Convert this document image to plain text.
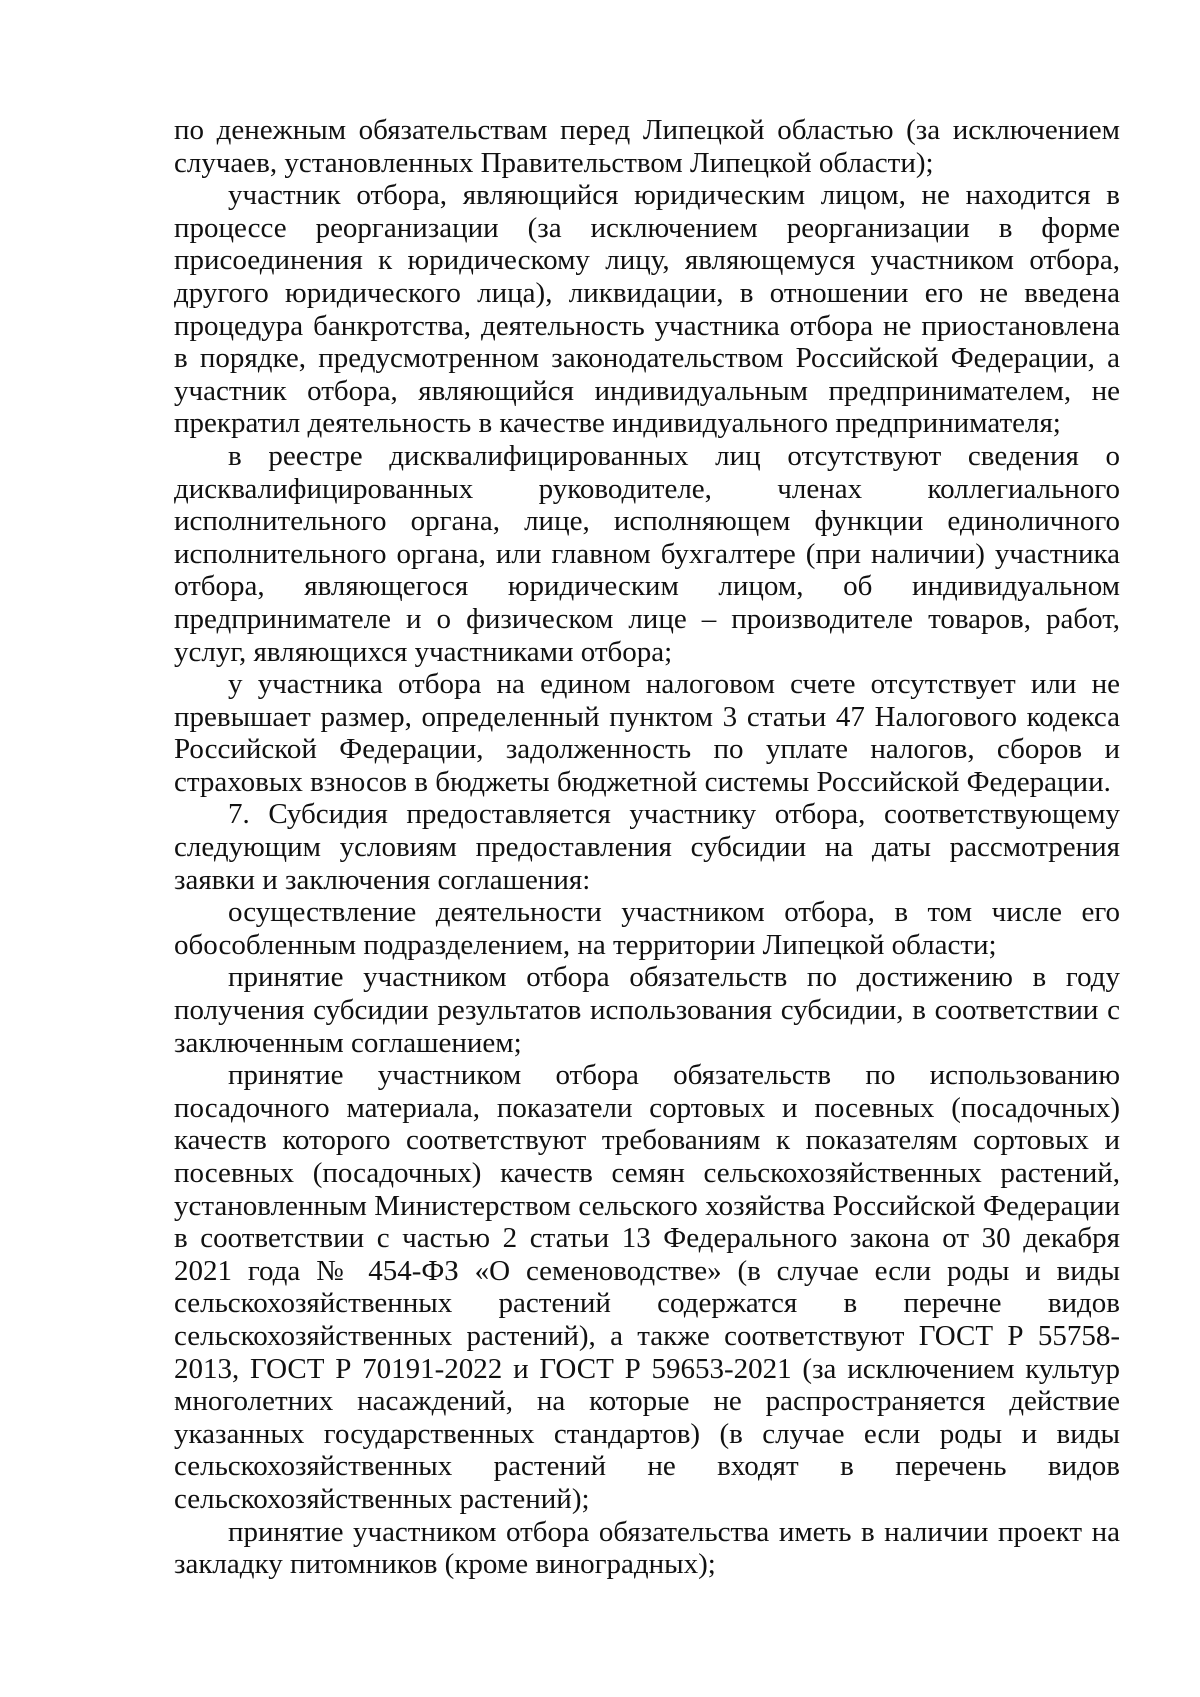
по денежным обязательствам перед Липецкой областью (за исключением случаев, установленных Правительством Липецкой области);

участник отбора, являющийся юридическим лицом, не находится в процессе реорганизации (за исключением реорганизации в форме присоединения к юридическому лицу, являющемуся участником отбора, другого юридического лица), ликвидации, в отношении его не введена процедура банкротства, деятельность участника отбора не приостановлена в порядке, предусмотренном законодательством Российской Федерации, а участник отбора, являющийся индивидуальным предпринимателем, не прекратил деятельность в качестве индивидуального предпринимателя;

в реестре дисквалифицированных лиц отсутствуют сведения о дисквалифицированных руководителе, членах коллегиального исполнительного органа, лице, исполняющем функции единоличного исполнительного органа, или главном бухгалтере (при наличии) участника отбора, являющегося юридическим лицом, об индивидуальном предпринимателе и о физическом лице – производителе товаров, работ, услуг, являющихся участниками отбора;

у участника отбора на едином налоговом счете отсутствует или не превышает размер, определенный пунктом 3 статьи 47 Налогового кодекса Российской Федерации, задолженность по уплате налогов, сборов и страховых взносов в бюджеты бюджетной системы Российской Федерации.

7. Субсидия предоставляется участнику отбора, соответствующему следующим условиям предоставления субсидии на даты рассмотрения заявки и заключения соглашения:

осуществление деятельности участником отбора, в том числе его обособленным подразделением, на территории Липецкой области;

принятие участником отбора обязательств по достижению в году получения субсидии результатов использования субсидии, в соответствии с заключенным соглашением;

принятие участником отбора обязательств по использованию посадочного материала, показатели сортовых и посевных (посадочных) качеств которого соответствуют требованиям к показателям сортовых и посевных (посадочных) качеств семян сельскохозяйственных растений, установленным Министерством сельского хозяйства Российской Федерации в соответствии с частью 2 статьи 13 Федерального закона от 30 декабря 2021 года № 454-ФЗ «О семеноводстве» (в случае если роды и виды сельскохозяйственных растений содержатся в перечне видов сельскохозяйственных растений), а также соответствуют ГОСТ Р 55758-2013, ГОСТ Р 70191-2022 и ГОСТ Р 59653-2021 (за исключением культур многолетних насаждений, на которые не распространяется действие указанных государственных стандартов) (в случае если роды и виды сельскохозяйственных растений не входят в перечень видов сельскохозяйственных растений);

принятие участником отбора обязательства иметь в наличии проект на закладку питомников (кроме виноградных);
